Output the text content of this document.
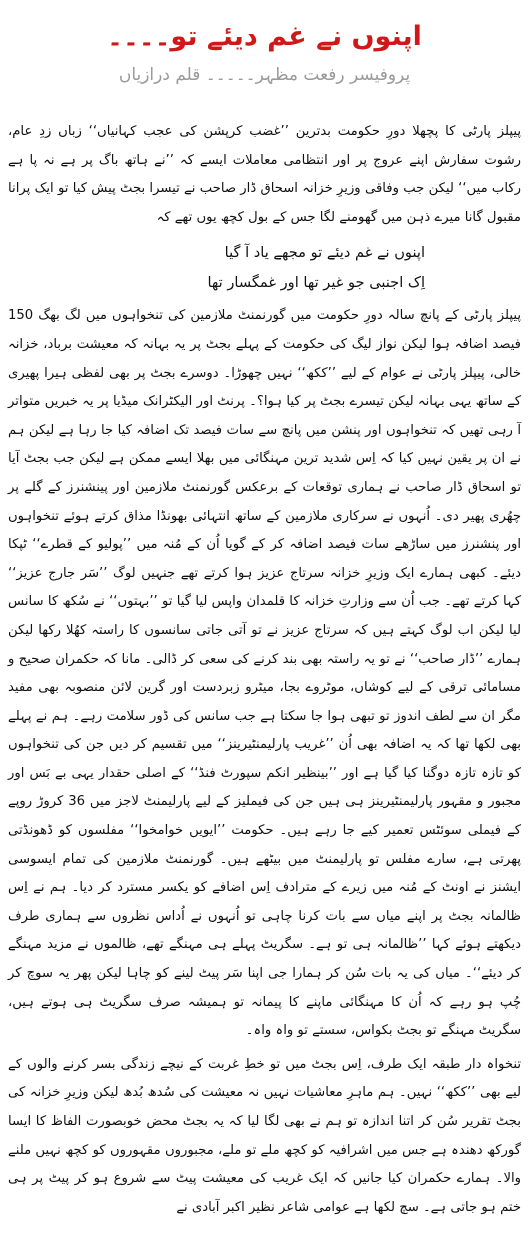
اپنوں نے غم دیئے تو۔۔۔۔
پروفیسر رفعت مظہر۔۔۔۔۔ قلم درازیاں

پیپلز پارٹی کا پچھلا دورِ حکومت بدترین ’’غضب کرپشن کی عجب کہانیاں‘‘ زباں زدِ عام، رشوت سفارش اپنے عروج پر اور انتظامی معاملات ایسے کہ ’’نے ہاتھ باگ پر ہے نہ پا ہے رکاب میں‘‘ لیکن جب وفاقی وزیرِ خزانہ اسحاق ڈار صاحب نے تیسرا بجٹ پیش کیا تو ایک پرانا مقبول گانا میرے ذہن میں گھومنے لگا جس کے بول کچھ یوں تھے کہ

اپنوں نے غم دیئے تو مجھے یاد آ گیا
اِک اجنبی جو غیر تھا اور غمگسار تھا

پیپلز پارٹی کے پانچ سالہ دورِ حکومت میں گورنمنٹ ملازمین کی تنخواہوں میں لگ بھگ 150 فیصد اضافہ ہوا لیکن نواز لیگ کی حکومت کے پہلے بجٹ پر یہ بہانہ کہ معیشت برباد، خزانہ خالی، پیپلز پارٹی نے عوام کے لیے ’’ککھ‘‘ نہیں چھوڑا۔ دوسرے بجٹ پر بھی لفظی ہیرا پھیری کے ساتھ یہی بہانہ لیکن تیسرے بجٹ پر کیا ہوا؟۔ پرنٹ اور الیکٹرانک میڈیا پر یہ خبریں متواتر آ رہی تھیں کہ تنخواہوں اور پنشن میں پانچ سے سات فیصد تک اضافہ کیا جا رہا ہے لیکن ہم نے ان پر یقین نہیں کیا کہ اِس شدید ترین مہنگائی میں بھلا ایسے ممکن ہے لیکن جب بجٹ آیا تو اسحاق ڈار صاحب نے ہماری توقعات کے برعکس گورنمنٹ ملازمین اور پینشنرز کے گلے پر چھُری پھیر دی۔ اُنہوں نے سرکاری ملازمین کے ساتھ انتہائی بھونڈا مذاق کرتے ہوئے تنخواہوں اور پنشنرز میں ساڑھے سات فیصد اضافہ کر کے گویا اُن کے مُنہ میں ’’پولیو کے قطرے‘‘ ٹپکا دیئے۔ کبھی ہمارے ایک وزیرِ خزانہ سرتاج عزیز ہوا کرتے تھے جنہیں لوگ ’’سَر جارج عزیز‘‘ کہا کرتے تھے۔ جب اُن سے وزارتِ خزانہ کا قلمدان واپس لیا گیا تو ’’بہتوں‘‘ نے سُکھ کا سانس لیا لیکن اب لوگ کہتے ہیں کہ سرتاج عزیز نے تو آتی جاتی سانسوں کا راستہ کھُلا رکھا لیکن ہمارے ’’ڈار صاحب‘‘ نے تو یہ راستہ بھی بند کرنے کی سعی کر ڈالی۔ مانا کہ حکمران صحیح و مسامائی ترقی کے لیے کوشاں، موٹروے بجا، میٹرو زبردست اور گرین لائن منصوبہ بھی مفید مگر ان سے لطف اندوز تو تبھی ہوا جا سکتا ہے جب سانس کی ڈور سلامت رہے۔ ہم نے پہلے بھی لکھا تھا کہ یہ اضافہ بھی اُن ’’غریب پارلیمنٹیرینز‘‘ میں تقسیم کر دیں جن کی تنخواہوں کو تازہ تازہ دوگنا کیا گیا ہے اور ’’بینظیر انکم سپورٹ فنڈ‘‘ کے اصلی حقدار یہی بے بَس اور مجبور و مقہور پارلیمنٹیرینز ہی ہیں جن کی فیملیز کے لیے پارلیمنٹ لاجز میں 36 کروڑ روپے کے فیملی سوئٹس تعمیر کیے جا رہے ہیں۔ حکومت ’’ایویں خوامخوا‘‘ مفلسوں کو ڈھونڈتی پھرتی ہے، سارے مفلس تو پارلیمنٹ میں بیٹھے ہیں۔ گورنمنٹ ملازمین کی تمام ایسوسی ایشنز نے اونٹ کے مُنہ میں زیرے کے مترادف اِس اضافے کو یکسر مسترد کر دیا۔ ہم نے اِس ظالمانہ بجٹ پر اپنے میاں سے بات کرنا چاہی تو اُنہوں نے اُداس نظروں سے ہماری طرف دیکھتے ہوئے کہا ’’ظالمانہ ہی تو ہے۔ سگریٹ پہلے ہی مہنگے تھے، ظالموں نے مزید مہنگے کر دیئے‘‘۔ میاں کی یہ بات سُن کر ہمارا جی اپنا سَر پیٹ لینے کو چاہا لیکن پھر یہ سوچ کر چُپ ہو رہے کہ اُن کا مہنگائی ماپنے کا پیمانہ تو ہمیشہ صرف سگریٹ ہی ہوتے ہیں، سگریٹ مہنگے تو بجٹ بکواس، سستے تو واہ واہ۔

تنخواہ دار طبقہ ایک طرف، اِس بجٹ میں تو خطِ غربت کے نیچے زندگی بسر کرنے والوں کے لیے بھی ’’ککھ‘‘ نہیں۔ ہم ماہرِ معاشیات نہیں نہ معیشت کی سُدھ بُدھ لیکن وزیرِ خزانہ کی بجٹ تقریر سُن کر اتنا اندازہ تو ہم نے بھی لگا لیا کہ یہ بجٹ محض خوبصورت الفاظ کا ایسا گورکھ دھندہ ہے جس میں اشرافیہ کو کچھ ملے تو ملے، مجبوروں مقہوروں کو کچھ نہیں ملنے والا۔ ہمارے حکمران کیا جانیں کہ ایک غریب کی معیشت پیٹ سے شروع ہو کر پیٹ پر ہی ختم ہو جاتی ہے۔ سچ لکھا ہے عوامی شاعر نظیر اکبر آبادی نے
